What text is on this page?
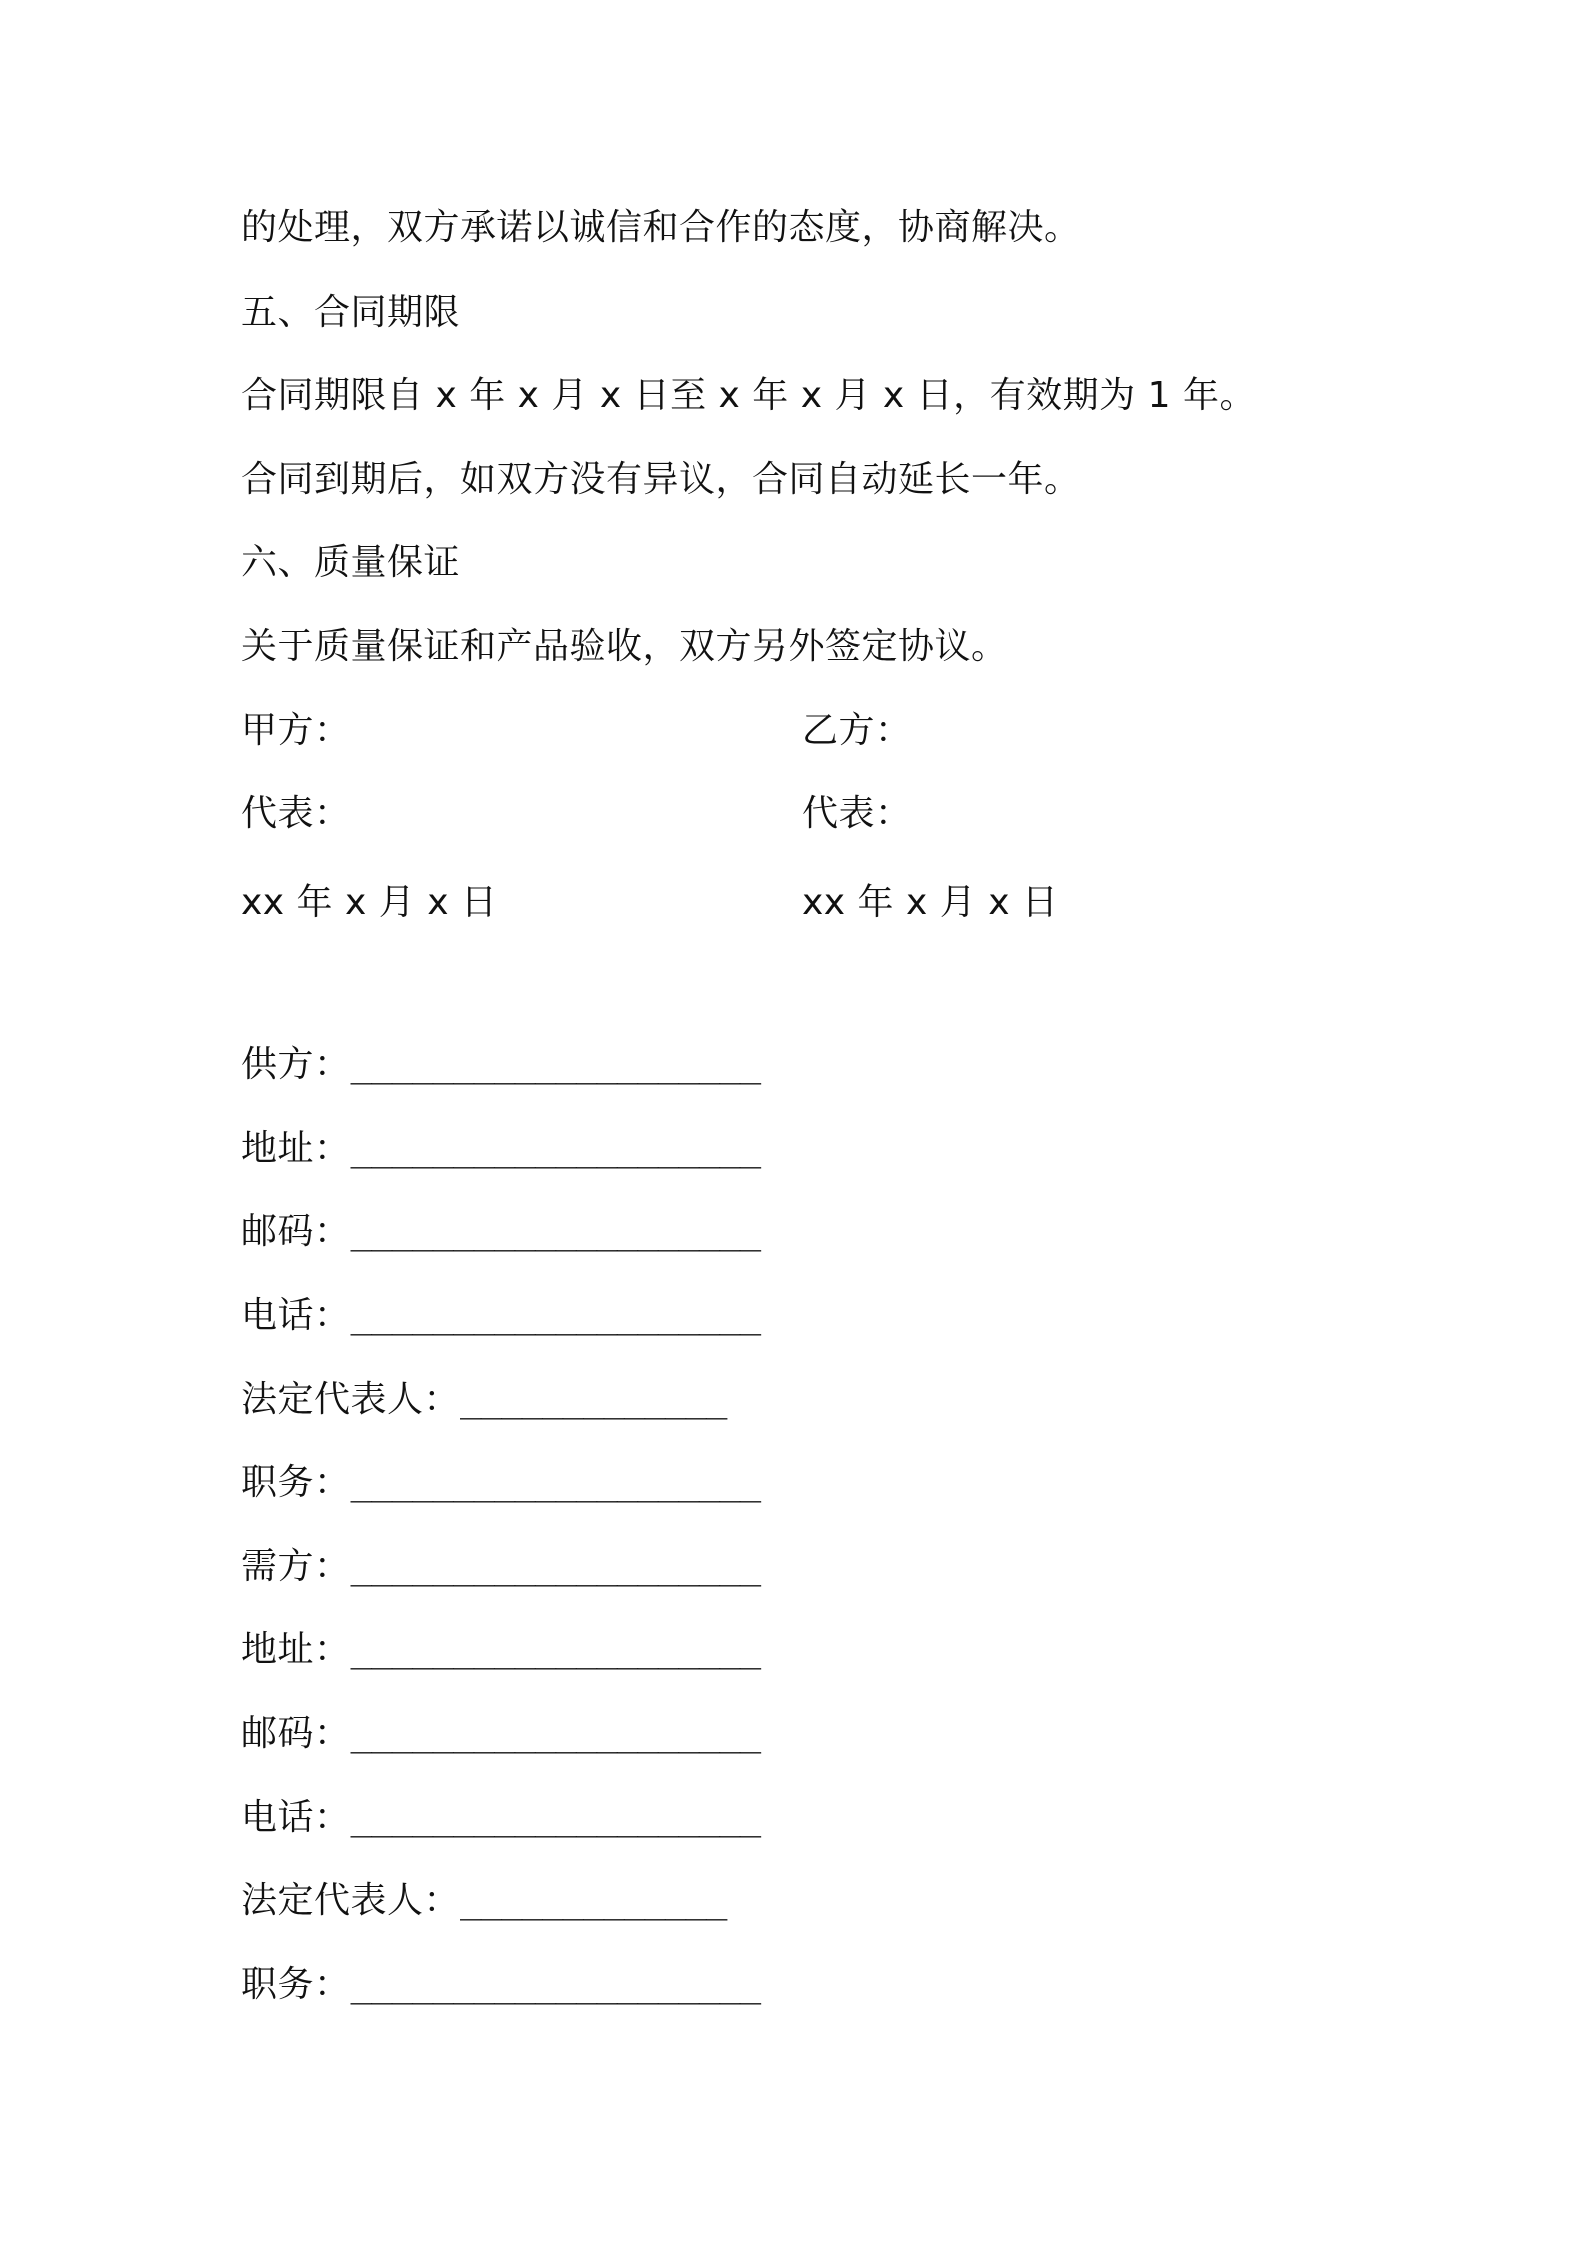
的处理，双方承诺以诚信和合作的态度，协商解决。
五、合同期限
合同期限自 x 年 x 月 x 日至 x 年 x 月 x 日，有效期为 1 年。
合同到期后，如双方没有异议，合同自动延长一年。
六、质量保证
关于质量保证和产品验收，双方另外签定协议。
甲方：	乙方：
代表：	代表：
xx 年 x 月 x 日	xx 年 x 月 x 日
供方：____________________
地址：____________________
邮码：____________________
电话：____________________
法定代表人：_____________
职务：____________________
需方：____________________
地址：____________________
邮码：____________________
电话：____________________
法定代表人：_____________
职务：____________________
